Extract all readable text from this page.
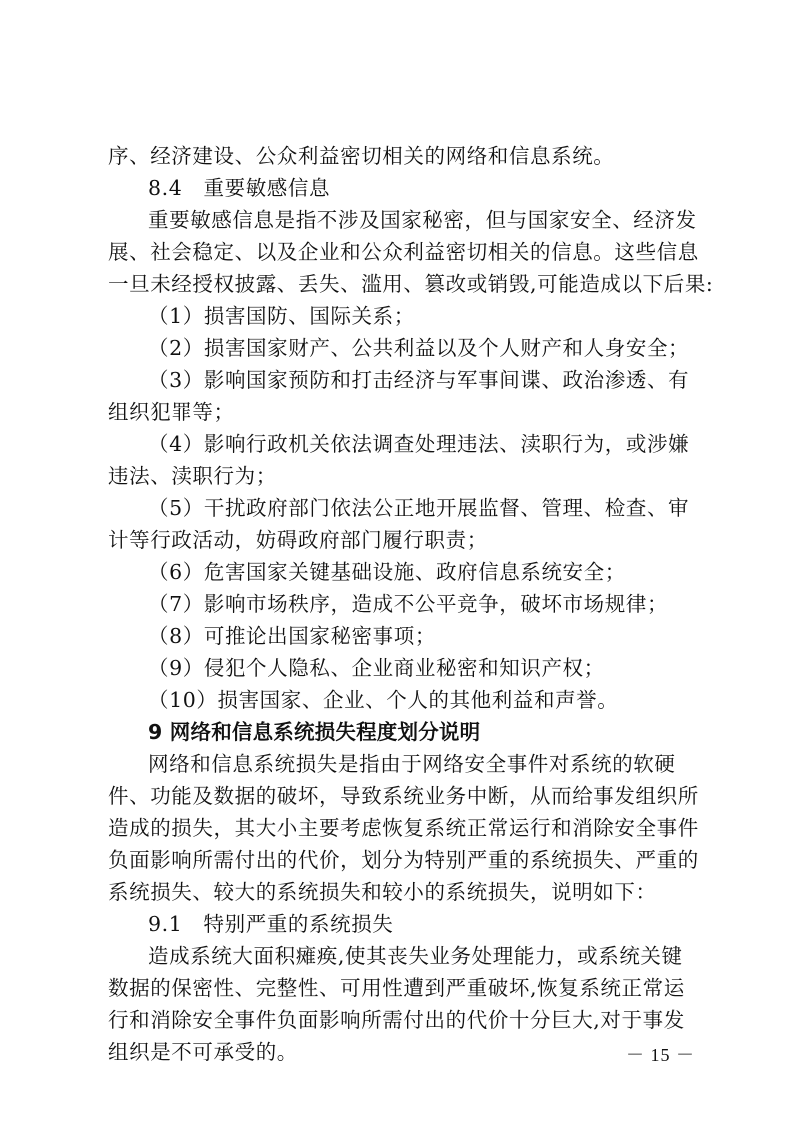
序、经济建设、公众利益密切相关的网络和信息系统。
8.4　重要敏感信息
重要敏感信息是指不涉及国家秘密，但与国家安全、经济发
展、社会稳定、以及企业和公众利益密切相关的信息。这些信息
一旦未经授权披露、丢失、滥用、篡改或销毁,可能造成以下后果:
（1）损害国防、国际关系；
（2）损害国家财产、公共利益以及个人财产和人身安全；
（3）影响国家预防和打击经济与军事间谍、政治渗透、有
组织犯罪等；
（4）影响行政机关依法调查处理违法、渎职行为，或涉嫌
违法、渎职行为；
（5）干扰政府部门依法公正地开展监督、管理、检查、审
计等行政活动，妨碍政府部门履行职责；
（6）危害国家关键基础设施、政府信息系统安全；
（7）影响市场秩序，造成不公平竞争，破坏市场规律；
（8）可推论出国家秘密事项；
（9）侵犯个人隐私、企业商业秘密和知识产权；
（10）损害国家、企业、个人的其他利益和声誉。
9 网络和信息系统损失程度划分说明
网络和信息系统损失是指由于网络安全事件对系统的软硬
件、功能及数据的破坏，导致系统业务中断，从而给事发组织所
造成的损失，其大小主要考虑恢复系统正常运行和消除安全事件
负面影响所需付出的代价，划分为特别严重的系统损失、严重的
系统损失、较大的系统损失和较小的系统损失，说明如下：
9.1　特别严重的系统损失
造成系统大面积瘫痪,使其丧失业务处理能力，或系统关键
数据的保密性、完整性、可用性遭到严重破坏,恢复系统正常运
行和消除安全事件负面影响所需付出的代价十分巨大,对于事发
组织是不可承受的。	－ 15 －
